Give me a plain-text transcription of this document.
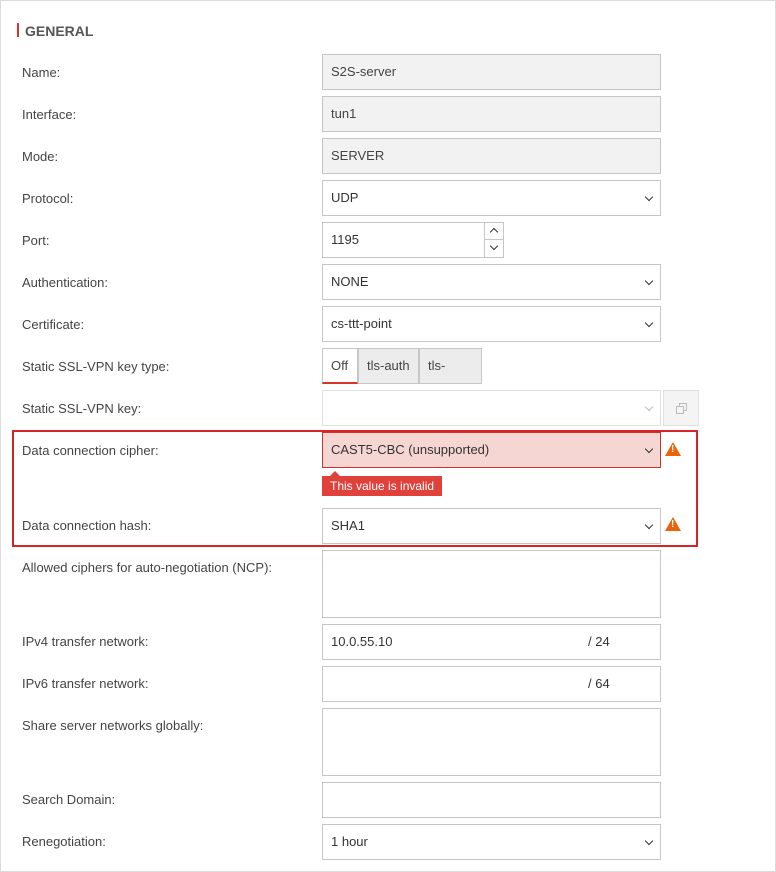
GENERAL
Name:	S2S-server
Interface:	tun1
Mode:	SERVER
Protocol:	UDP
Port:	1195
Authentication:	NONE
Certificate:	cs-ttt-point
Static SSL-VPN key type:	Off	tls-auth	tls-
Static SSL-VPN key:
Data connection cipher:	CAST5-CBC (unsupported)	!
This value is invalid
Data connection hash:	SHA1	!
Allowed ciphers for auto-negotiation (NCP):
IPv4 transfer network:	10.0.55.10	/ 24
IPv6 transfer network:	/ 64
Share server networks globally:
Search Domain:
Renegotiation:	1 hour
